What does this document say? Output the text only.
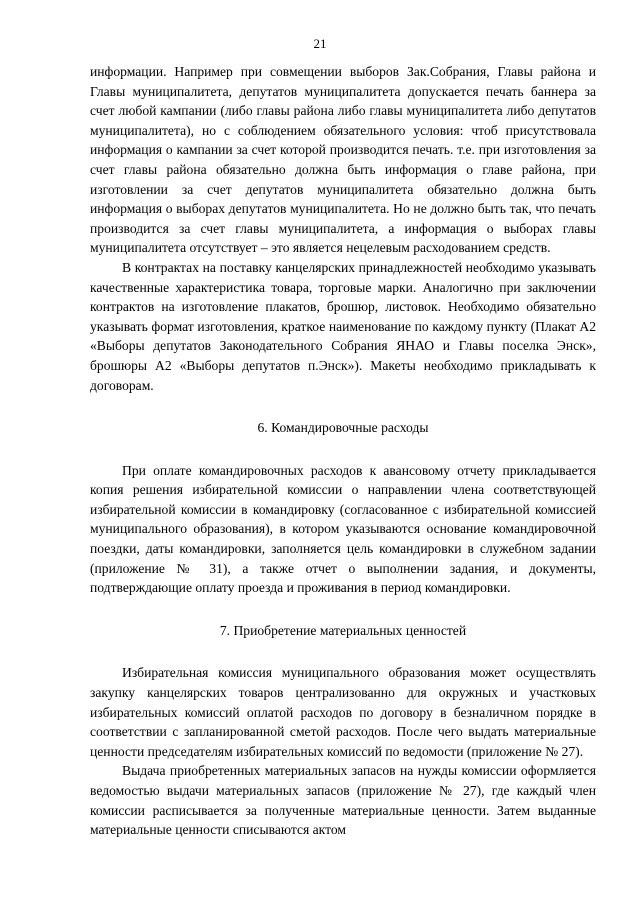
21

информации. Например при совмещении выборов Зак.Собрания, Главы района и Главы муниципалитета, депутатов муниципалитета допускается печать баннера за счет любой кампании (либо главы района либо главы муниципалитета либо депутатов муниципалитета), но с соблюдением обязательного условия: чтоб присутствовала информация о кампании за счет которой производится печать. т.е. при изготовления за счет главы района обязательно должна быть информация о главе района, при изготовлении за счет депутатов муниципалитета обязательно должна быть информация о выборах депутатов муниципалитета. Но не должно быть так, что печать производится за счет главы муниципалитета, а информация о выборах главы муниципалитета отсутствует – это является нецелевым расходованием средств.

В контрактах на поставку канцелярских принадлежностей необходимо указывать качественные характеристика товара, торговые марки. Аналогично при заключении контрактов на изготовление плакатов, брошюр, листовок. Необходимо обязательно указывать формат изготовления, краткое наименование по каждому пункту (Плакат А2 «Выборы депутатов Законодательного Собрания ЯНАО и Главы поселка Энск», брошюры А2 «Выборы депутатов п.Энск»). Макеты необходимо прикладывать к договорам.

6. Командировочные расходы

При оплате командировочных расходов к авансовому отчету прикладывается копия решения избирательной комиссии о направлении члена соответствующей избирательной комиссии в командировку (согласованное с избирательной комиссией муниципального образования), в котором указываются основание командировочной поездки, даты командировки, заполняется цель командировки в служебном задании (приложение № 31), а также отчет о выполнении задания, и документы, подтверждающие оплату проезда и проживания в период командировки.

7. Приобретение материальных ценностей

Избирательная комиссия муниципального образования может осуществлять закупку канцелярских товаров централизованно для окружных и участковых избирательных комиссий оплатой расходов по договору в безналичном порядке в соответствии с запланированной сметой расходов. После чего выдать материальные ценности председателям избирательных комиссий по ведомости (приложение № 27).

Выдача приобретенных материальных запасов на нужды комиссии оформляется ведомостью выдачи материальных запасов (приложение № 27), где каждый член комиссии расписывается за полученные материальные ценности. Затем выданные материальные ценности списываются актом
